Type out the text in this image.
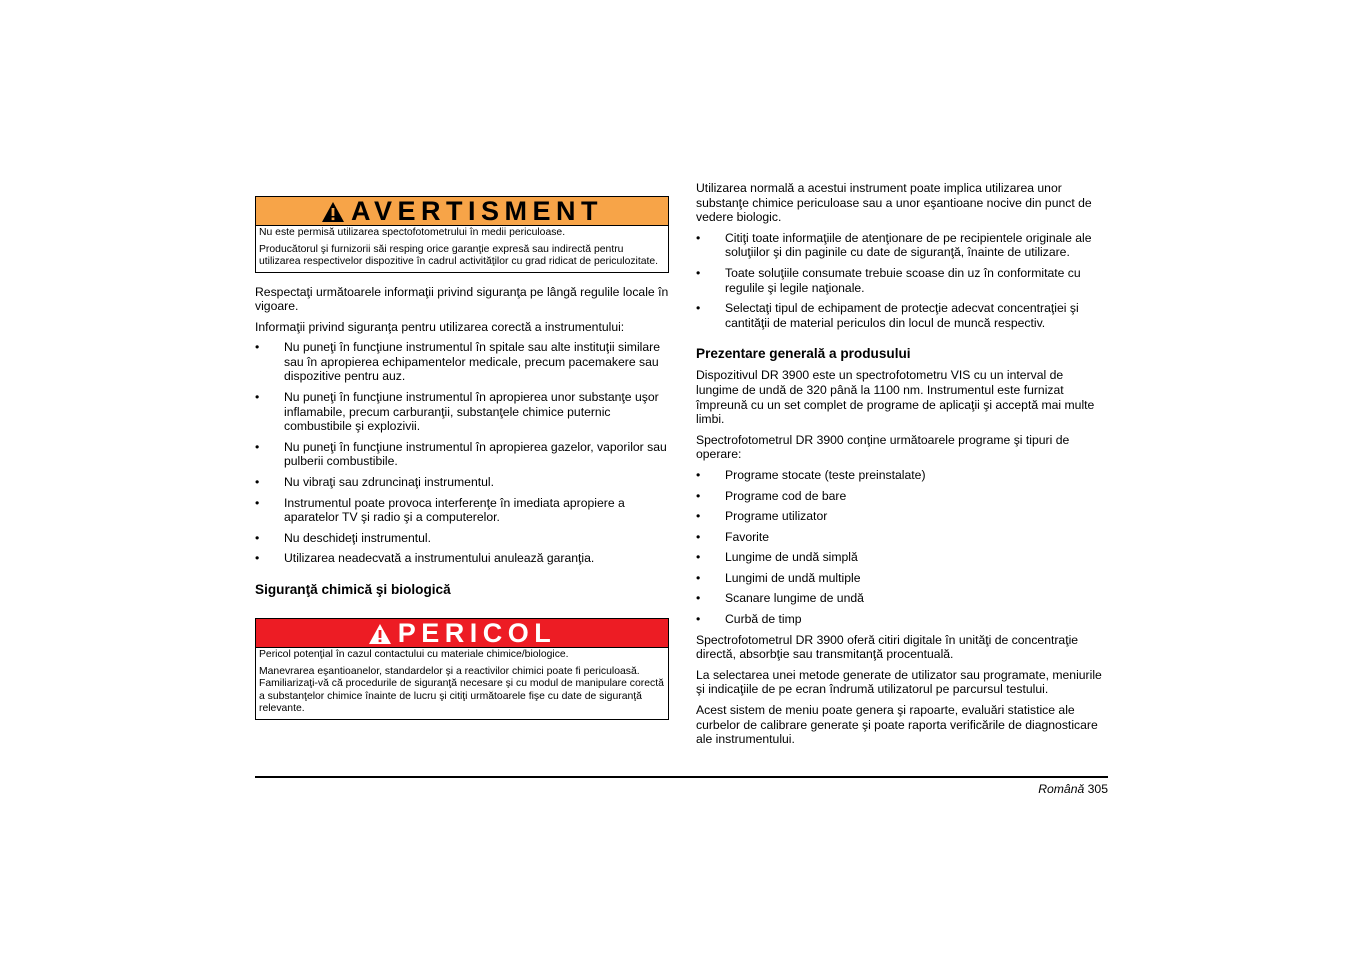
AVERTISMENT

Nu este permisă utilizarea spectofotometrului în medii periculoase.

Producătorul şi furnizorii săi resping orice garanţie expresă sau indirectă pentru utilizarea respectivelor dispozitive în cadrul activităţilor cu grad ridicat de periculozitate.

Respectaţi următoarele informaţii privind siguranţa pe lângă regulile locale în vigoare.

Informaţii privind siguranţa pentru utilizarea corectă a instrumentului:

• Nu puneţi în funcţiune instrumentul în spitale sau alte instituţii similare sau în apropierea echipamentelor medicale, precum pacemakere sau dispozitive pentru auz.
• Nu puneţi în funcţiune instrumentul în apropierea unor substanţe uşor inflamabile, precum carburanţii, substanţele chimice puternic combustibile şi explozivii.
• Nu puneţi în funcţiune instrumentul în apropierea gazelor, vaporilor sau pulberii combustibile.
• Nu vibraţi sau zdruncinaţi instrumentul.
• Instrumentul poate provoca interferenţe în imediata apropiere a aparatelor TV şi radio şi a computerelor.
• Nu deschideţi instrumentul.
• Utilizarea neadecvată a instrumentului anulează garanţia.
Siguranţă chimică şi biologică
PERICOL

Pericol potenţial în cazul contactului cu materiale chimice/biologice.

Manevrarea eşantioanelor, standardelor şi a reactivilor chimici poate fi periculoasă.

Familiarizaţi-vă că procedurile de siguranţă necesare şi cu modul de manipulare corectă a substanţelor chimice înainte de lucru şi citiţi următoarele fişe cu date de siguranţă relevante.

Utilizarea normală a acestui instrument poate implica utilizarea unor substanţe chimice periculoase sau a unor eşantioane nocive din punct de vedere biologic.

• Citiţi toate informaţiile de atenţionare de pe recipientele originale ale soluţiilor şi din paginile cu date de siguranţă, înainte de utilizare.
• Toate soluţiile consumate trebuie scoase din uz în conformitate cu regulile şi legile naţionale.
• Selectaţi tipul de echipament de protecţie adecvat concentraţiei şi cantităţii de material periculos din locul de muncă respectiv.
Prezentare generală a produsului

Dispozitivul DR 3900 este un spectrofotometru VIS cu un interval de lungime de undă de 320 până la 1100 nm. Instrumentul este furnizat împreună cu un set complet de programe de aplicaţii şi acceptă mai multe limbi.

Spectrofotometrul DR 3900 conţine următoarele programe şi tipuri de operare:

• Programe stocate (teste preinstalate)
• Programe cod de bare
• Programe utilizator
• Favorite
• Lungime de undă simplă
• Lungimi de undă multiple
• Scanare lungime de undă
• Curbă de timp

Spectrofotometrul DR 3900 oferă citiri digitale în unităţi de concentraţie directă, absorbţie sau transmitanţă procentuală.

La selectarea unei metode generate de utilizator sau programate, meniurile şi indicaţiile de pe ecran îndrumă utilizatorul pe parcursul testului.

Acest sistem de meniu poate genera şi rapoarte, evaluări statistice ale curbelor de calibrare generate şi poate raporta verificările de diagnosticare ale instrumentului.

Română 305
